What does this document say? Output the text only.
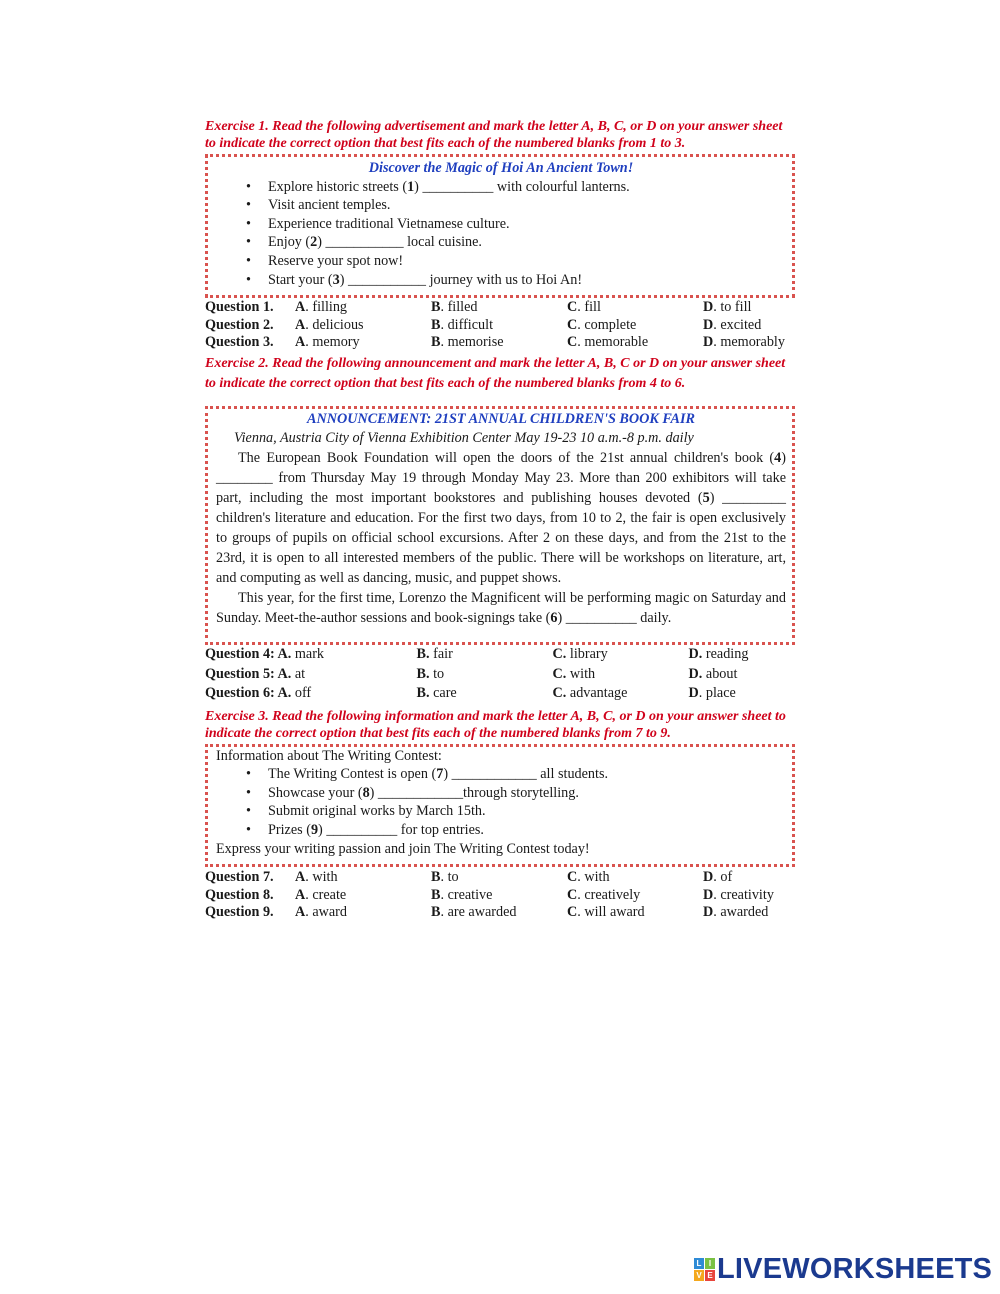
Exercise 1. Read the following advertisement and mark the letter A, B, C, or D on your answer sheet to indicate the correct option that best fits each of the numbered blanks from 1 to 3.

Discover the Magic of Hoi An Ancient Town!
• Explore historic streets (1) __________ with colourful lanterns.
• Visit ancient temples.
• Experience traditional Vietnamese culture.
• Enjoy (2) ___________ local cuisine.
• Reserve your spot now!
• Start your (3) ___________ journey with us to Hoi An!
Question 1.	A. filling	B. filled	C. fill	D. to fill
Question 2.	A. delicious	B. difficult	C. complete	D. excited
Question 3.	A. memory	B. memorise	C. memorable	D. memorably

Exercise 2. Read the following announcement and mark the letter A, B, C or D on your answer sheet to indicate the correct option that best fits each of the numbered blanks from 4 to 6.

ANNOUNCEMENT: 21ST ANNUAL CHILDREN'S BOOK FAIR
Vienna, Austria City of Vienna Exhibition Center May 19-23 10 a.m.-8 p.m. daily
The European Book Foundation will open the doors of the 21st annual children's book (4) ________ from Thursday May 19 through Monday May 23. More than 200 exhibitors will take part, including the most important bookstores and publishing houses devoted (5) _________ children's literature and education. For the first two days, from 10 to 2, the fair is open exclusively to groups of pupils on official school excursions. After 2 on these days, and from the 21st to the 23rd, it is open to all interested members of the public. There will be workshops on literature, art, and computing as well as dancing, music, and puppet shows.
This year, for the first time, Lorenzo the Magnificent will be performing magic on Saturday and Sunday. Meet-the-author sessions and book-signings take (6) __________ daily.
Question 4: A. mark	B. fair	C. library	D. reading
Question 5: A. at	B. to	C. with	D. about
Question 6: A. off	B. care	C. advantage	D. place

Exercise 3. Read the following information and mark the letter A, B, C, or D on your answer sheet to indicate the correct option that best fits each of the numbered blanks from 7 to 9.

Information about The Writing Contest:
• The Writing Contest is open (7) ____________ all students.
• Showcase your (8) ____________through storytelling.
• Submit original works by March 15th.
• Prizes (9) __________ for top entries.
Express your writing passion and join The Writing Contest today!
Question 7.	A. with	B. to	C. with	D. of
Question 8.	A. create	B. creative	C. creatively	D. creativity
Question 9.	A. award	B. are awarded	C. will award	D. awarded
L I
V E LIVEWORKSHEETS
